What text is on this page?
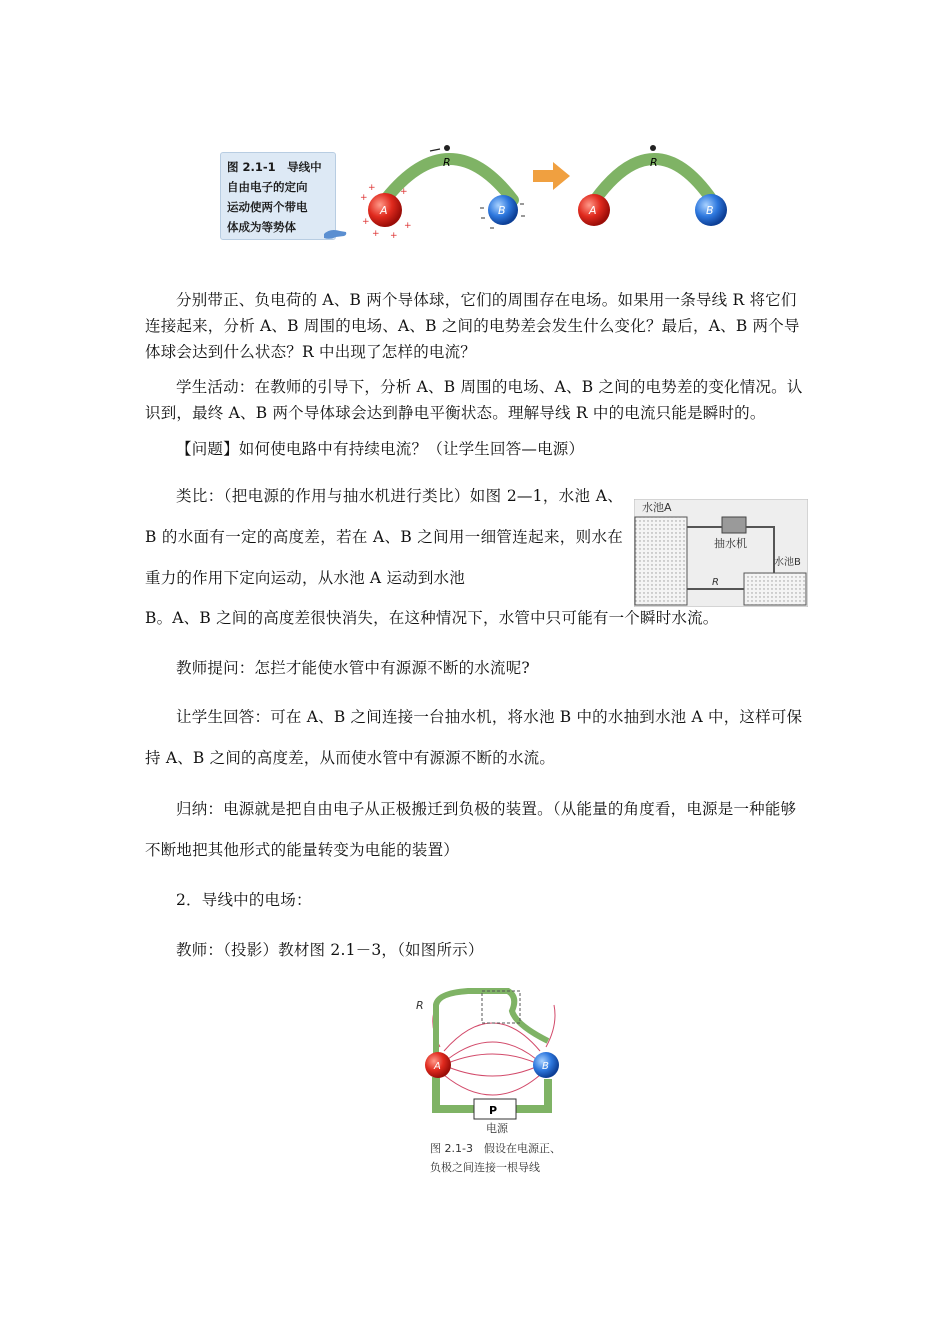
图 2.1-1　导线中
自由电子的定向
运动使两个带电
体成为等势体
R
A
+
+
+ +
+
+	+
B
R
A	B
分别带正、负电荷的 A、B 两个导体球，它们的周围存在电场。如果用一条导线 R 将它们连接起来，分析 A、B 周围的电场、A、B 之间的电势差会发生什么变化？最后，A、B 两个导体球会达到什么状态？R 中出现了怎样的电流？
学生活动：在教师的引导下，分析 A、B 周围的电场、A、B 之间的电势差的变化情况。认识到，最终 A、B 两个导体球会达到静电平衡状态。理解导线 R 中的电流只能是瞬时的。
【问题】如何使电路中有持续电流？（让学生回答—电源）
类比：（把电源的作用与抽水机进行类比）如图 2—1，水池 A、B 的水面有一定的高度差，若在 A、B 之间用一细管连起来，则水在重力的作用下定向运动，从水池 A 运动到水池
B。A、B 之间的高度差很快消失，在这种情况下，水管中只可能有一个瞬时水流。
水池A
抽水机
水池B
R
教师提问：怎拦才能使水管中有源源不断的水流呢?
让学生回答：可在 A、B 之间连接一台抽水机，将水池 B 中的水抽到水池 A 中，这样可保持 A、B 之间的高度差，从而使水管中有源源不断的水流。
归纳：电源就是把自由电子从正极搬迁到负极的装置。（从能量的角度看，电源是一种能够不断地把其他形式的能量转变为电能的装置）
2．导线中的电场：
教师：（投影）教材图 2.1－3，（如图所示）
R
P
A	B
电源
图 2.1-3　假设在电源正、
负极之间连接一根导线
